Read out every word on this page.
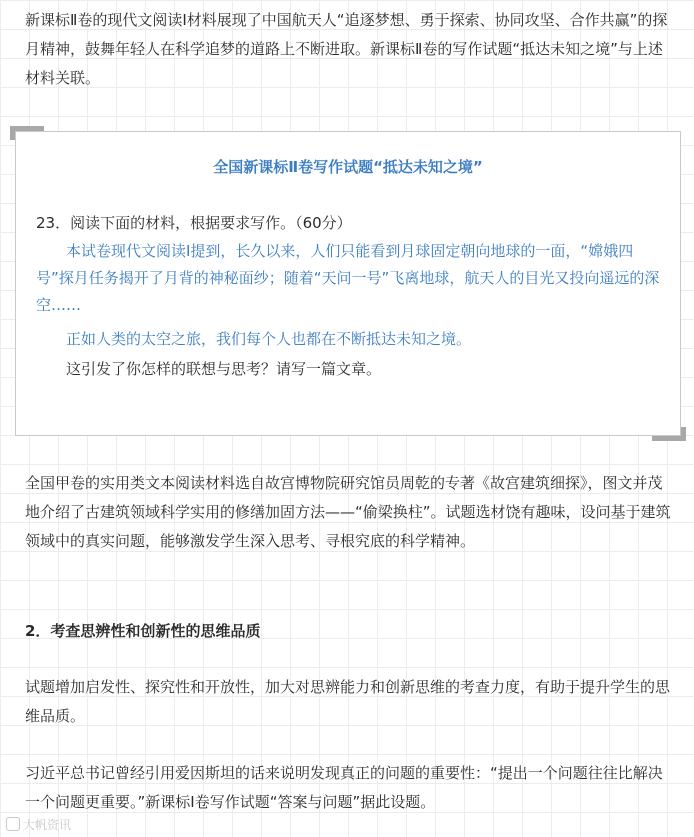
新课标Ⅱ卷的现代文阅读Ⅰ材料展现了中国航天人“追逐梦想、勇于探索、协同攻坚、合作共赢”的探月精神，鼓舞年轻人在科学追梦的道路上不断进取。新课标Ⅱ卷的写作试题“抵达未知之境”与上述材料关联。

全国新课标Ⅱ卷写作试题“抵达未知之境”

23．阅读下面的材料，根据要求写作。（60分）

　　本试卷现代文阅读Ⅰ提到，长久以来，人们只能看到月球固定朝向地球的一面，“嫦娥四号”探月任务揭开了月背的神秘面纱；随着“天问一号”飞离地球，航天人的目光又投向遥远的深空……

　　正如人类的太空之旅，我们每个人也都在不断抵达未知之境。

　　这引发了你怎样的联想与思考？请写一篇文章。

全国甲卷的实用类文本阅读材料选自故宫博物院研究馆员周乾的专著《故宫建筑细探》，图文并茂地介绍了古建筑领域科学实用的修缮加固方法——“偷梁换柱”。试题选材饶有趣味，设问基于建筑领域中的真实问题，能够激发学生深入思考、寻根究底的科学精神。

2．考查思辨性和创新性的思维品质

试题增加启发性、探究性和开放性，加大对思辨能力和创新思维的考查力度，有助于提升学生的思维品质。

习近平总书记曾经引用爱因斯坦的话来说明发现真正的问题的重要性：“提出一个问题往往比解决一个问题更重要。”新课标Ⅰ卷写作试题“答案与问题”据此设题。

大帆资讯
